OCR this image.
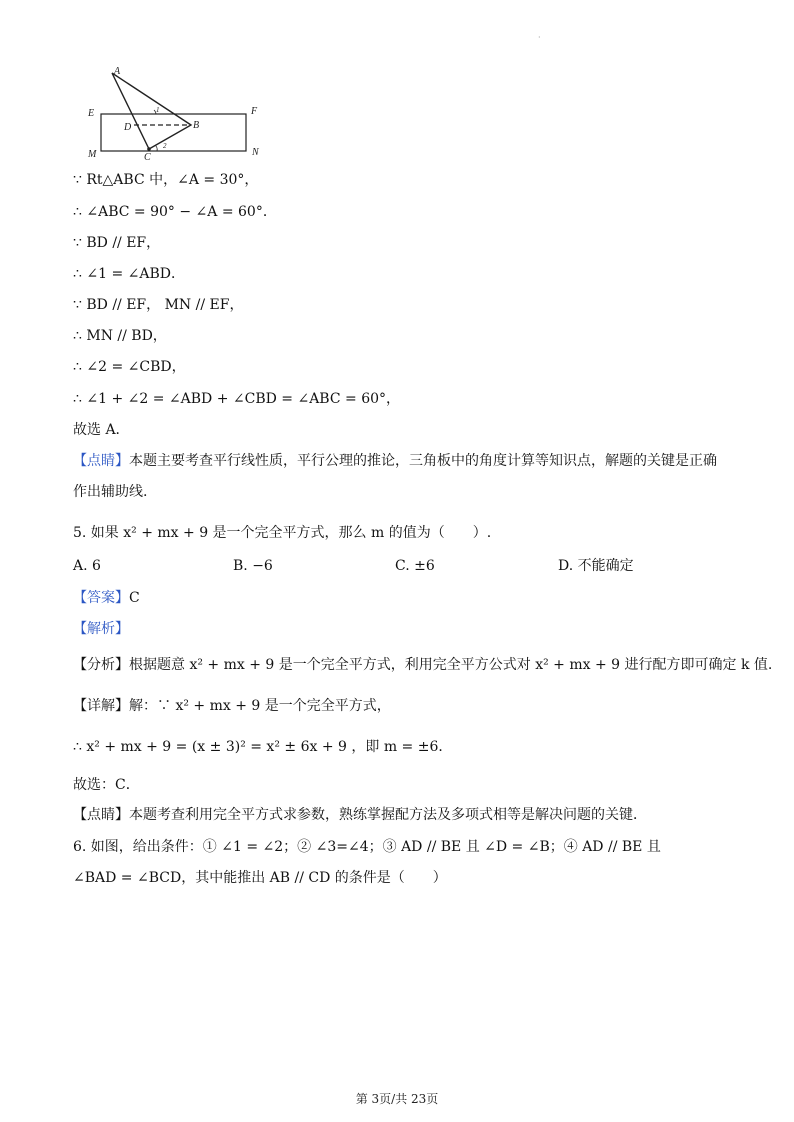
·
A
B
C
D
E	F
M	N
1
2
∵ Rt△ABC 中，∠A = 30°，
∴ ∠ABC = 90° − ∠A = 60°．
∵ BD // EF，
∴ ∠1 = ∠ABD．
∵ BD // EF， MN // EF，
∴ MN // BD，
∴ ∠2 = ∠CBD，
∴ ∠1 + ∠2 = ∠ABD + ∠CBD = ∠ABC = 60°，
故选 A．
【点睛】本题主要考查平行线性质，平行公理的推论，三角板中的角度计算等知识点，解题的关键是正确
作出辅助线.
5. 如果 x² + mx + 9 是一个完全平方式，那么 m 的值为（　　）.
A. 6	B. −6	C. ±6	D. 不能确定
【答案】C
【解析】
【分析】根据题意 x² + mx + 9 是一个完全平方式，利用完全平方公式对 x² + mx + 9 进行配方即可确定 k 值.
【详解】解：∵ x² + mx + 9 是一个完全平方式，
∴ x² + mx + 9 = (x ± 3)² = x² ± 6x + 9 ，即 m = ±6．
故选：C．
【点睛】本题考查利用完全平方式求参数，熟练掌握配方法及多项式相等是解决问题的关键．
6. 如图，给出条件：① ∠1 = ∠2；② ∠3=∠4；③ AD // BE 且 ∠D = ∠B；④ AD // BE 且
∠BAD = ∠BCD，其中能推出 AB // CD 的条件是（　　）
第 3页/共 23页
